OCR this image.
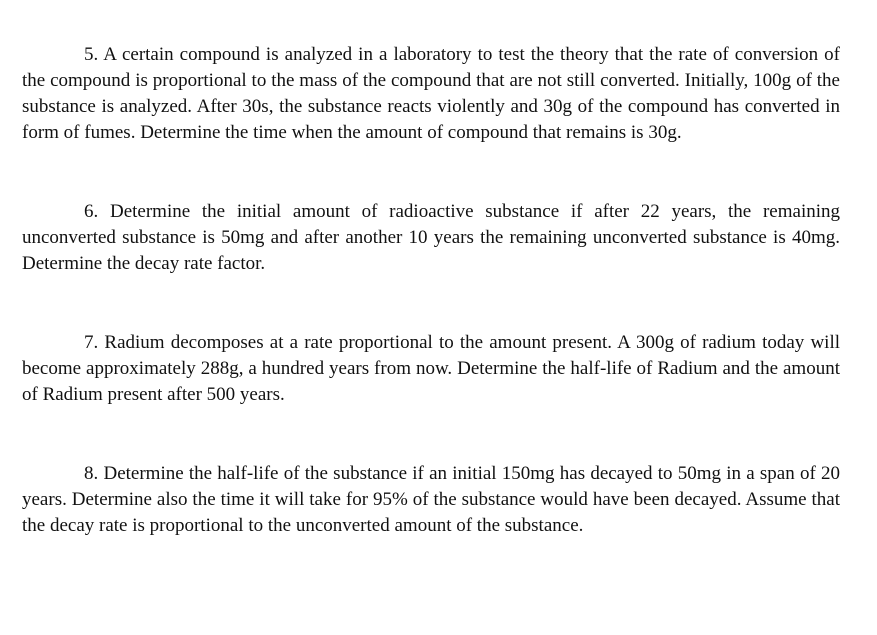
5. A certain compound is analyzed in a laboratory to test the theory that the rate of conversion of the compound is proportional to the mass of the compound that are not still converted. Initially, 100g of the substance is analyzed. After 30s, the substance reacts violently and 30g of the compound has converted in form of fumes. Determine the time when the amount of compound that remains is 30g.

6. Determine the initial amount of radioactive substance if after 22 years, the remaining unconverted substance is 50mg and after another 10 years the remaining unconverted substance is 40mg. Determine the decay rate factor.

7. Radium decomposes at a rate proportional to the amount present. A 300g of radium today will become approximately 288g, a hundred years from now. Determine the half-life of Radium and the amount of Radium present after 500 years.

8. Determine the half-life of the substance if an initial 150mg has decayed to 50mg in a span of 20 years. Determine also the time it will take for 95% of the substance would have been decayed. Assume that the decay rate is proportional to the unconverted amount of the substance.
